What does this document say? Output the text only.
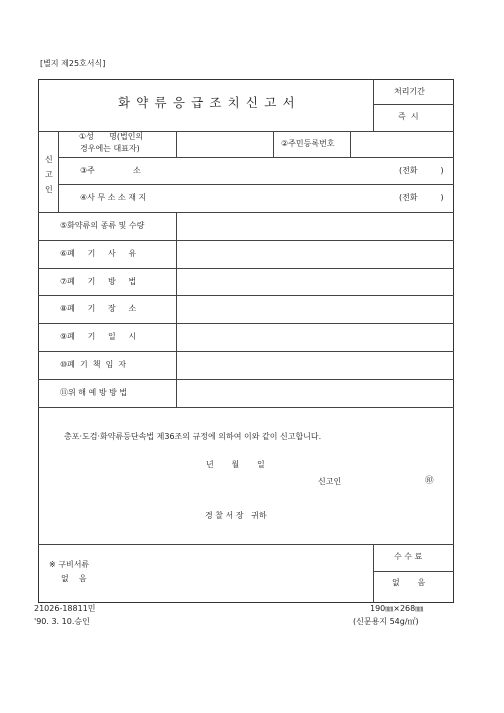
[별지 제25호서식]
화약류응급조치신고서
처리기간
즉  시
신고인
①성      명(법인의
경우에는 대표자)
②주민등록번호
③주               소	(전화         )
④사 무 소 소 재 지	(전화         )
⑤화약류의 종류 및 수량
⑥폐     기     사     유
⑦폐     기     방     법
⑧폐     기     장     소
⑨폐     기     일     시
⑩폐  기  책  임  자
⑪위 해 예 방 방 법
총포·도검·화약류등단속법 제36조의 규정에 의하여 이와 같이 신고합니다.
년       월       일
신고인	㊞
경 찰 서 장   귀하
※ 구비서류
없    음
수 수 료
없       음
21026-18811민
'90. 3. 10.승인
190㎜×268㎜
(신문용지 54g/㎡)
